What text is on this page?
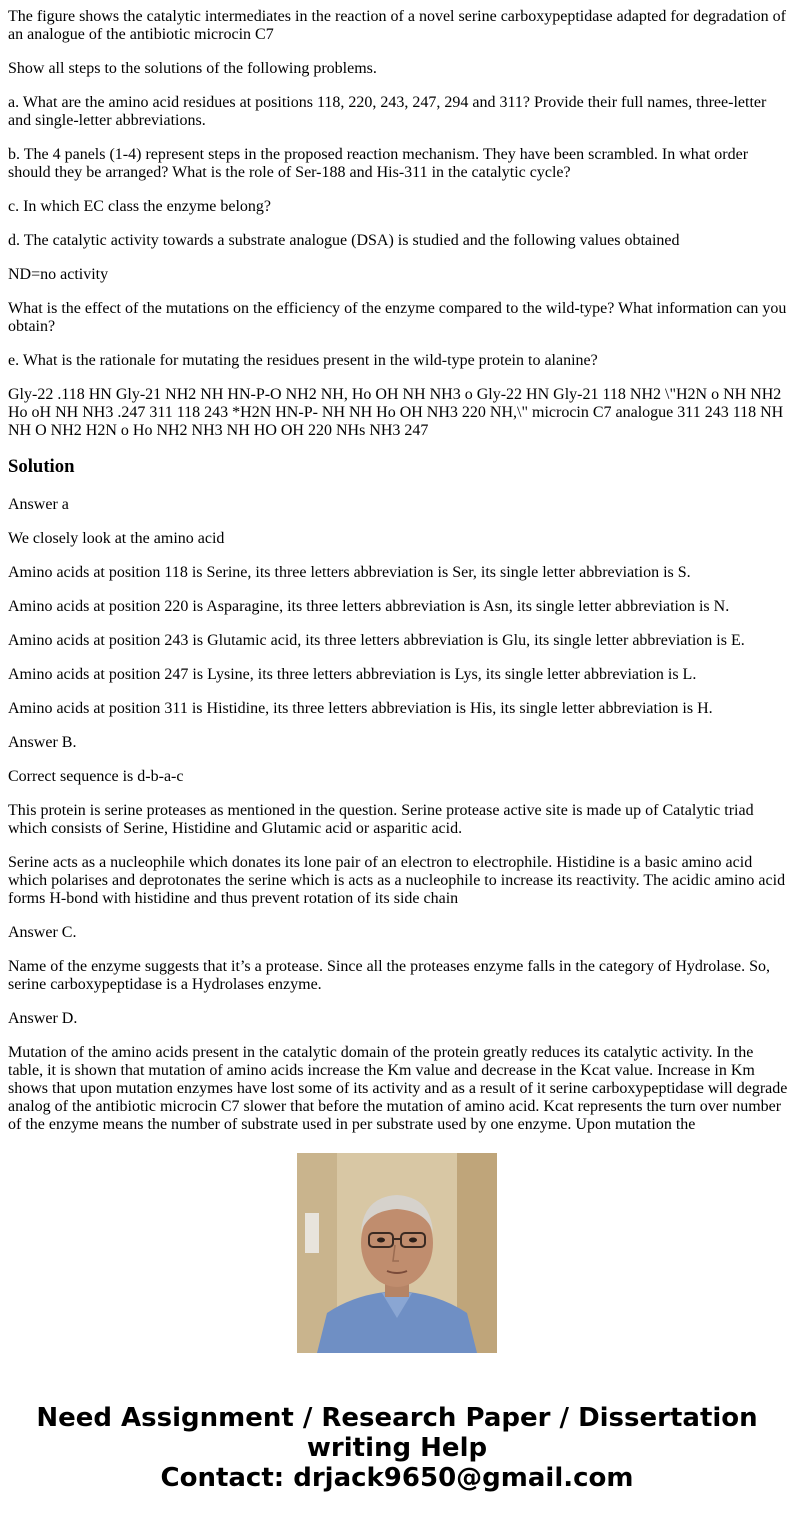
The figure shows the catalytic intermediates in the reaction of a novel serine carboxypeptidase adapted for degradation of an analogue of the antibiotic microcin C7

Show all steps to the solutions of the following problems.

a. What are the amino acid residues at positions 118, 220, 243, 247, 294 and 311? Provide their full names, three-letter and single-letter abbreviations.

b. The 4 panels (1-4) represent steps in the proposed reaction mechanism. They have been scrambled. In what order should they be arranged? What is the role of Ser-188 and His-311 in the catalytic cycle?

c. In which EC class the enzyme belong?

d. The catalytic activity towards a substrate analogue (DSA) is studied and the following values obtained

ND=no activity

What is the effect of the mutations on the efficiency of the enzyme compared to the wild-type? What information can you obtain?

e. What is the rationale for mutating the residues present in the wild-type protein to alanine?

Gly-22 .118 HN Gly-21 NH2 NH HN-P-O NH2 NH, Ho OH NH NH3 o Gly-22 HN Gly-21 118 NH2 \"H2N o NH NH2 Ho oH NH NH3 .247 311 118 243 *H2N HN-P- NH NH Ho OH NH3 220 NH,\" microcin C7 analogue 311 243 118 NH NH O NH2 H2N o Ho NH2 NH3 NH HO OH 220 NHs NH3 247

Solution

Answer a

We closely look at the amino acid

Amino acids at position 118 is Serine, its three letters abbreviation is Ser, its single letter abbreviation is S.

Amino acids at position 220 is Asparagine, its three letters abbreviation is Asn, its single letter abbreviation is N.

Amino acids at position 243 is Glutamic acid, its three letters abbreviation is Glu, its single letter abbreviation is E.

Amino acids at position 247 is Lysine, its three letters abbreviation is Lys, its single letter abbreviation is L.

Amino acids at position 311 is Histidine, its three letters abbreviation is His, its single letter abbreviation is H.

Answer B.

Correct sequence is d-b-a-c

This protein is serine proteases as mentioned in the question. Serine protease active site is made up of Catalytic triad which consists of Serine, Histidine and Glutamic acid or asparitic acid.

Serine acts as a nucleophile which donates its lone pair of an electron to electrophile. Histidine is a basic amino acid which polarises and deprotonates the serine which is acts as a nucleophile to increase its reactivity. The acidic amino acid forms H-bond with histidine and thus prevent rotation of its side chain

Answer C.

Name of the enzyme suggests that it’s a protease. Since all the proteases enzyme falls in the category of Hydrolase. So, serine carboxypeptidase is a Hydrolases enzyme.

Answer D.

Mutation of the amino acids present in the catalytic domain of the protein greatly reduces its catalytic activity. In the table, it is shown that mutation of amino acids increase the Km value and decrease in the Kcat value. Increase in Km shows that upon mutation enzymes have lost some of its activity and as a result of it serine carboxypeptidase will degrade analog of the antibiotic microcin C7 slower that before the mutation of amino acid. Kcat represents the turn over number of the enzyme means the number of substrate used in per substrate used by one enzyme. Upon mutation the

Need Assignment / Research Paper / Dissertation
writing Help
Contact: drjack9650@gmail.com
